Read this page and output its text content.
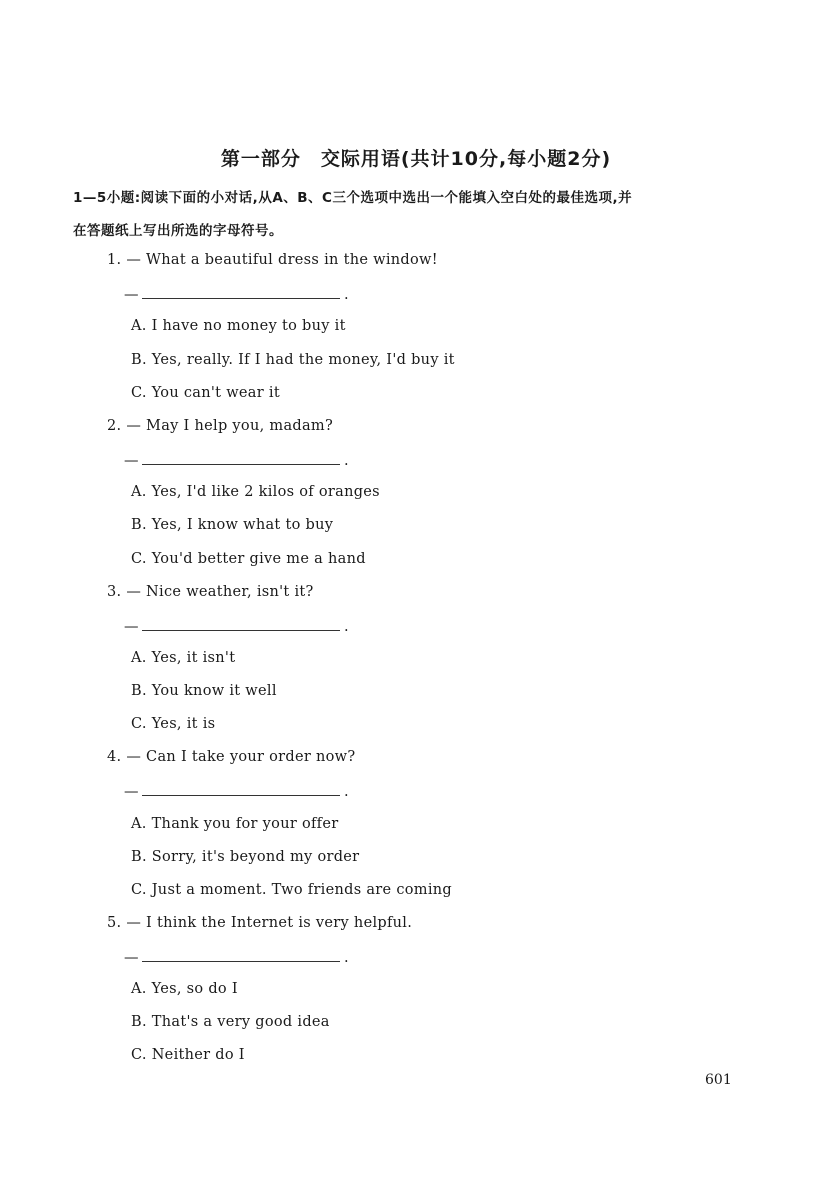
第一部分　交际用语(共计10分,每小题2分)
1—5小题:阅读下面的小对话,从A、B、C三个选项中选出一个能填入空白处的最佳选项,并
在答题纸上写出所选的字母符号。
1. — What a beautiful dress in the window!
—	.
A. I have no money to buy it
B. Yes, really. If I had the money, I'd buy it
C. You can't wear it
2. — May I help you, madam?
—	.
A. Yes, I'd like 2 kilos of oranges
B. Yes, I know what to buy
C. You'd better give me a hand
3. — Nice weather, isn't it?
—	.
A. Yes, it isn't
B. You know it well
C. Yes, it is
4. — Can I take your order now?
—	.
A. Thank you for your offer
B. Sorry, it's beyond my order
C. Just a moment. Two friends are coming
5. — I think the Internet is very helpful.
—	.
A. Yes, so do I
B. That's a very good idea
C. Neither do I
601
